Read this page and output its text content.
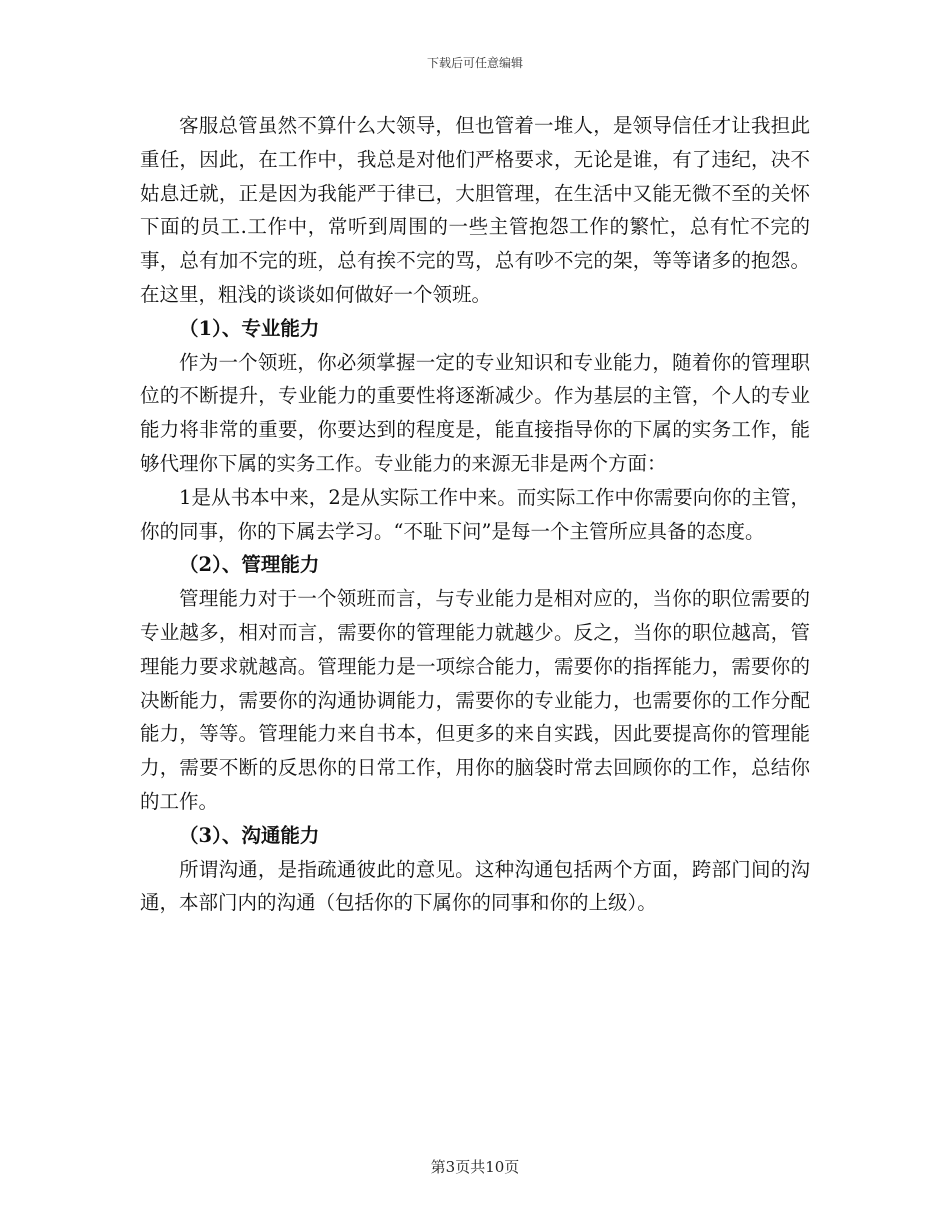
下载后可任意编辑

客服总管虽然不算什么大领导，但也管着一堆人，是领导信任才让我担此重任，因此，在工作中，我总是对他们严格要求，无论是谁，有了违纪，决不姑息迁就，正是因为我能严于律已，大胆管理，在生活中又能无微不至的关怀下面的员工.工作中，常听到周围的一些主管抱怨工作的繁忙，总有忙不完的事，总有加不完的班，总有挨不完的骂，总有吵不完的架，等等诸多的抱怨。在这里，粗浅的谈谈如何做好一个领班。

（1）、专业能力

作为一个领班，你必须掌握一定的专业知识和专业能力，随着你的管理职位的不断提升，专业能力的重要性将逐渐减少。作为基层的主管，个人的专业能力将非常的重要，你要达到的程度是，能直接指导你的下属的实务工作，能够代理你下属的实务工作。专业能力的来源无非是两个方面：

1是从书本中来，2是从实际工作中来。而实际工作中你需要向你的主管，你的同事，你的下属去学习。“不耻下问”是每一个主管所应具备的态度。

（2）、管理能力

管理能力对于一个领班而言，与专业能力是相对应的，当你的职位需要的专业越多，相对而言，需要你的管理能力就越少。反之，当你的职位越高，管理能力要求就越高。管理能力是一项综合能力，需要你的指挥能力，需要你的决断能力，需要你的沟通协调能力，需要你的专业能力，也需要你的工作分配能力，等等。管理能力来自书本，但更多的来自实践，因此要提高你的管理能力，需要不断的反思你的日常工作，用你的脑袋时常去回顾你的工作，总结你的工作。

（3）、沟通能力

所谓沟通，是指疏通彼此的意见。这种沟通包括两个方面，跨部门间的沟通，本部门内的沟通（包括你的下属你的同事和你的上级）。

第3页共10页
